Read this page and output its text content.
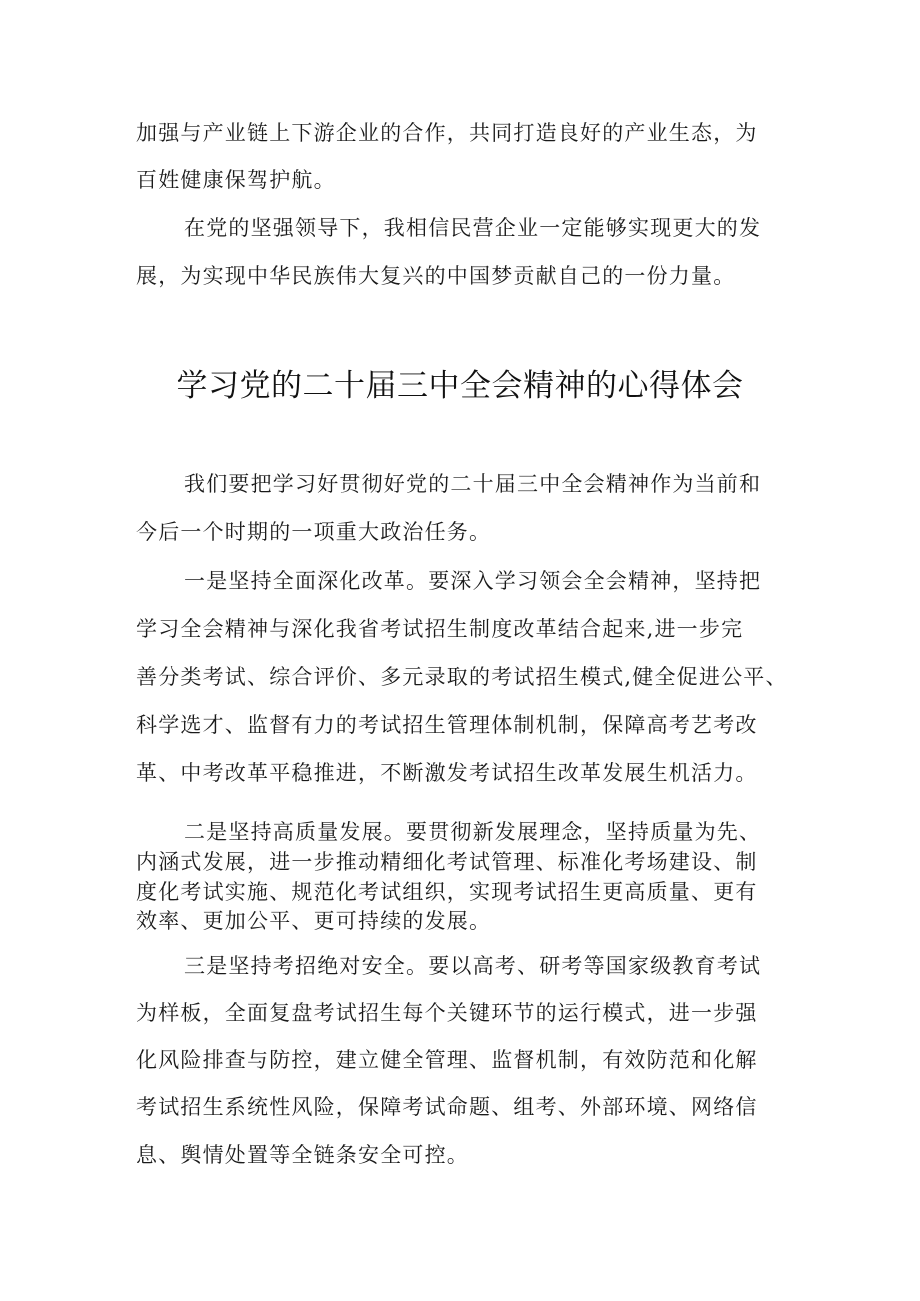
加强与产业链上下游企业的合作，共同打造良好的产业生态，为
百姓健康保驾护航。
在党的坚强领导下，我相信民营企业一定能够实现更大的发
展，为实现中华民族伟大复兴的中国梦贡献自己的一份力量。
学习党的二十届三中全会精神的心得体会
我们要把学习好贯彻好党的二十届三中全会精神作为当前和
今后一个时期的一项重大政治任务。
一是坚持全面深化改革。要深入学习领会全会精神，坚持把
学习全会精神与深化我省考试招生制度改革结合起来,进一步完
善分类考试、综合评价、多元录取的考试招生模式,健全促进公平、
科学选才、监督有力的考试招生管理体制机制，保障高考艺考改
革、中考改革平稳推进，不断激发考试招生改革发展生机活力。
二是坚持高质量发展。要贯彻新发展理念，坚持质量为先、
内涵式发展，进一步推动精细化考试管理、标准化考场建设、制
度化考试实施、规范化考试组织，实现考试招生更高质量、更有
效率、更加公平、更可持续的发展。
三是坚持考招绝对安全。要以高考、研考等国家级教育考试
为样板，全面复盘考试招生每个关键环节的运行模式，进一步强
化风险排查与防控，建立健全管理、监督机制，有效防范和化解
考试招生系统性风险，保障考试命题、组考、外部环境、网络信
息、舆情处置等全链条安全可控。
